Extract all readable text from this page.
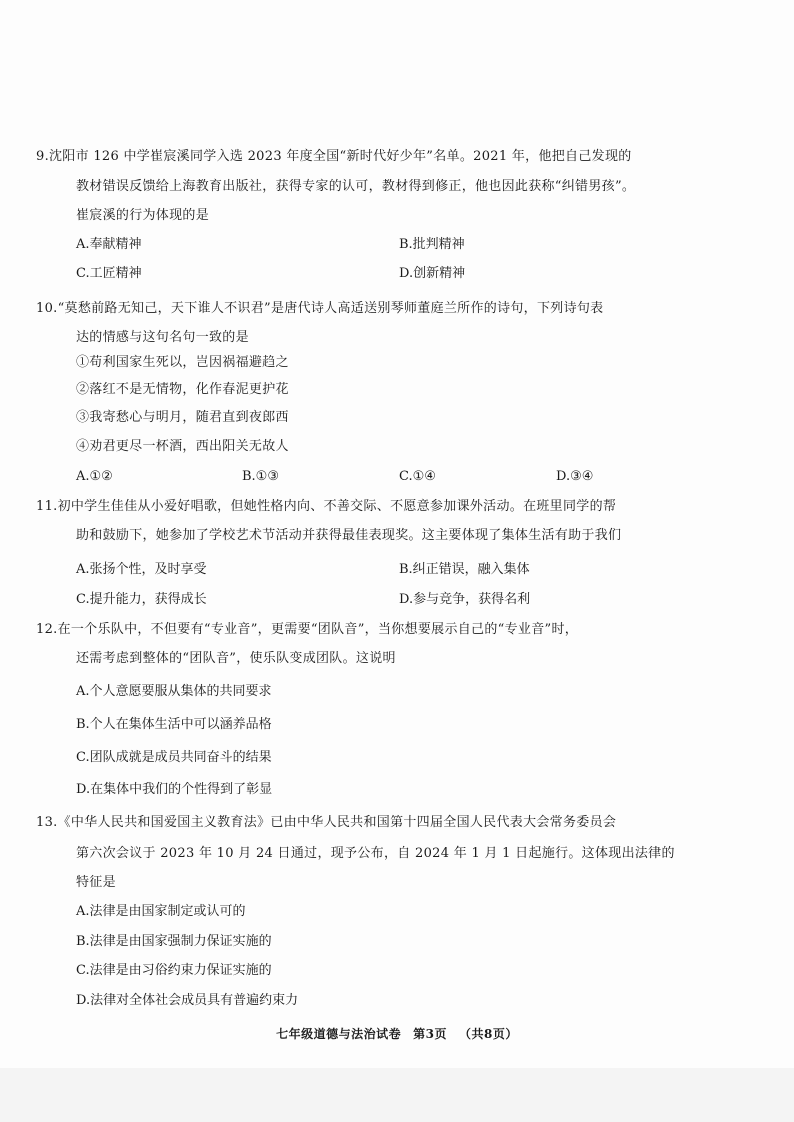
9.沈阳市 126 中学崔宸溪同学入选 2023 年度全国“新时代好少年”名单。2021 年，他把自己发现的
教材错误反馈给上海教育出版社，获得专家的认可，教材得到修正，他也因此获称“纠错男孩”。
崔宸溪的行为体现的是
A.奉献精神	B.批判精神
C.工匠精神	D.创新精神
10.“莫愁前路无知己，天下谁人不识君”是唐代诗人高适送别琴师董庭兰所作的诗句，下列诗句表
达的情感与这句名句一致的是
①苟利国家生死以，岂因祸福避趋之
②落红不是无情物，化作春泥更护花
③我寄愁心与明月，随君直到夜郎西
④劝君更尽一杯酒，西出阳关无故人
A.①②	B.①③	C.①④	D.③④
11.初中学生佳佳从小爱好唱歌，但她性格内向、不善交际、不愿意参加课外活动。在班里同学的帮
助和鼓励下，她参加了学校艺术节活动并获得最佳表现奖。这主要体现了集体生活有助于我们
A.张扬个性，及时享受	B.纠正错误，融入集体
C.提升能力，获得成长	D.参与竞争，获得名利
12.在一个乐队中，不但要有“专业音”，更需要“团队音”，当你想要展示自己的“专业音”时，
还需考虑到整体的“团队音”，使乐队变成团队。这说明
A.个人意愿要服从集体的共同要求
B.个人在集体生活中可以涵养品格
C.团队成就是成员共同奋斗的结果
D.在集体中我们的个性得到了彰显
13.《中华人民共和国爱国主义教育法》已由中华人民共和国第十四届全国人民代表大会常务委员会
第六次会议于 2023 年 10 月 24 日通过，现予公布，自 2024 年 1 月 1 日起施行。这体现出法律的
特征是
A.法律是由国家制定或认可的
B.法律是由国家强制力保证实施的
C.法律是由习俗约束力保证实施的
D.法律对全体社会成员具有普遍约束力
七年级道德与法治试卷 第3页 （共8页）
